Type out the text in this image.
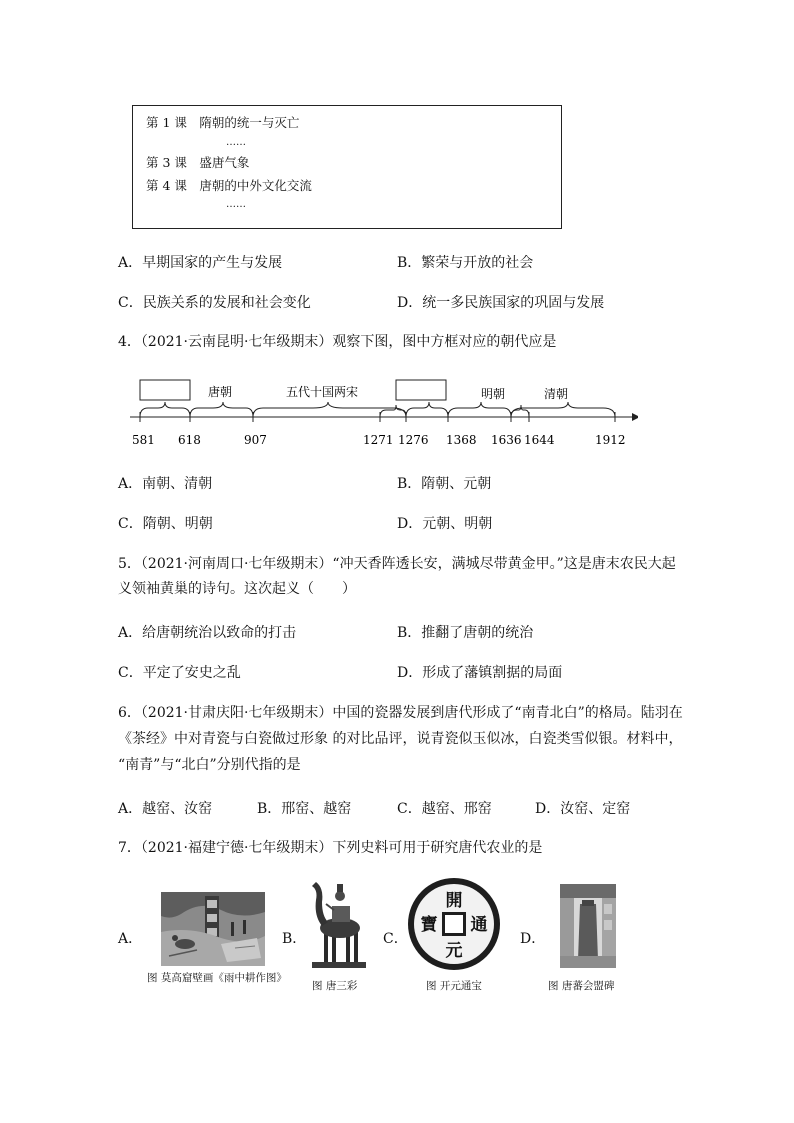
第 1 课　隋朝的统一与灭亡
……
第 3 课　盛唐气象
第 4 课　唐朝的中外文化交流
……
A．早期国家的产生与发展	B．繁荣与开放的社会
C．民族关系的发展和社会变化	D．统一多民族国家的巩固与发展
4．（2021·云南昆明·七年级期末）观察下图，图中方框对应的朝代应是
唐朝	五代十国两宋	明朝	清朝
581 618	907	1271 1276 1368 1636 1644	1912
A．南朝、清朝	B．隋朝、元朝
C．隋朝、明朝	D．元朝、明朝
5．（2021·河南周口·七年级期末）“冲天香阵透长安，满城尽带黄金甲。”这是唐末农民大起
义领袖黄巢的诗句。这次起义（　　）
A．给唐朝统治以致命的打击	B．推翻了唐朝的统治
C．平定了安史之乱	D．形成了藩镇割据的局面
6．（2021·甘肃庆阳·七年级期末）中国的瓷器发展到唐代形成了“南青北白”的格局。陆羽在
《茶经》中对青瓷与白瓷做过形象 的对比品评，说青瓷似玉似冰，白瓷类雪似银。材料中，
“南青”与“北白”分别代指的是
A．越窑、汝窑	B．邢窑、越窑	C．越窑、邢窑	D．汝窑、定窑
7．（2021·福建宁德·七年级期末）下列史料可用于研究唐代农业的是
A．
图 莫高窟壁画《雨中耕作图》
B．
图 唐三彩
C．
開
元
通
寶
图 开元通宝
D．
图 唐蕃会盟碑
